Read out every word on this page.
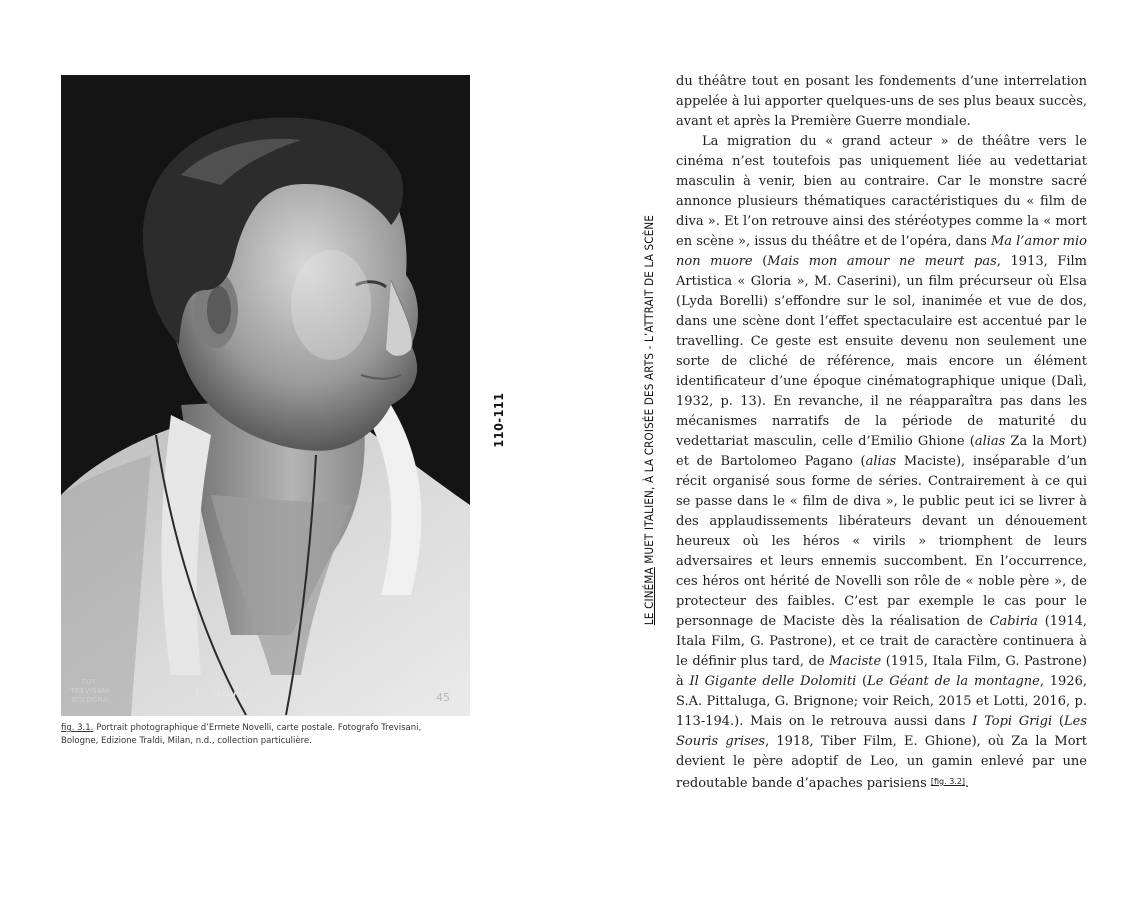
FOT. TREVISANI
BOLOGNA	E. Novelli	45
fig. 3.1. Portrait photographique d’Ermete Novelli, carte postale. Fotografo Trevisani, Bologne, Edizione Traldi, Milan, n.d., collection particulière.
110-111
LE CINÉMA MUET ITALIEN, À LA CROISÉE DES ARTS - L’ATTRAIT DE LA SCÈNE

du théâtre tout en posant les fondements d’une interrelation appelée à lui apporter quelques-uns de ses plus beaux succès, avant et après la Première Guerre mondiale.

La migration du « grand acteur » de théâtre vers le cinéma n’est toutefois pas uniquement liée au vedettariat masculin à venir, bien au contraire. Car le monstre sacré annonce plusieurs thématiques caractéristiques du « film de diva ». Et l’on retrouve ainsi des stéréotypes comme la « mort en scène », issus du théâtre et de l’opéra, dans Ma l’amor mio non muore (Mais mon amour ne meurt pas, 1913, Film Artistica « Gloria », M. Caserini), un film précurseur où Elsa (Lyda Borelli) s’effondre sur le sol, inanimée et vue de dos, dans une scène dont l’effet spectaculaire est accentué par le travelling. Ce geste est ensuite devenu non seulement une sorte de cliché de référence, mais encore un élément identificateur d’une époque cinématographique unique (Dalì, 1932, p. 13). En revanche, il ne réapparaîtra pas dans les mécanismes narratifs de la période de maturité du vedettariat masculin, celle d’Emilio Ghione (alias Za la Mort) et de Bartolomeo Pagano (alias Maciste), inséparable d’un récit organisé sous forme de séries. Contrairement à ce qui se passe dans le « film de diva », le public peut ici se livrer à des applaudissements libérateurs devant un dénouement heureux où les héros « virils » triomphent de leurs adversaires et leurs ennemis succombent. En l’occurrence, ces héros ont hérité de Novelli son rôle de « noble père », de protecteur des faibles. C’est par exemple le cas pour le personnage de Maciste dès la réalisation de Cabiria (1914, Itala Film, G. Pastrone), et ce trait de caractère continuera à le définir plus tard, de Maciste (1915, Itala Film, G. Pastrone) à Il Gigante delle Dolomiti (Le Géant de la montagne, 1926, S.A. Pittaluga, G. Brignone; voir Reich, 2015 et Lotti, 2016, p. 113-194.). Mais on le retrouva aussi dans I Topi Grigi (Les Souris grises, 1918, Tiber Film, E. Ghione), où Za la Mort devient le père adoptif de Leo, un gamin enlevé par une redoutable bande d’apaches parisiens [fig. 3.2].
